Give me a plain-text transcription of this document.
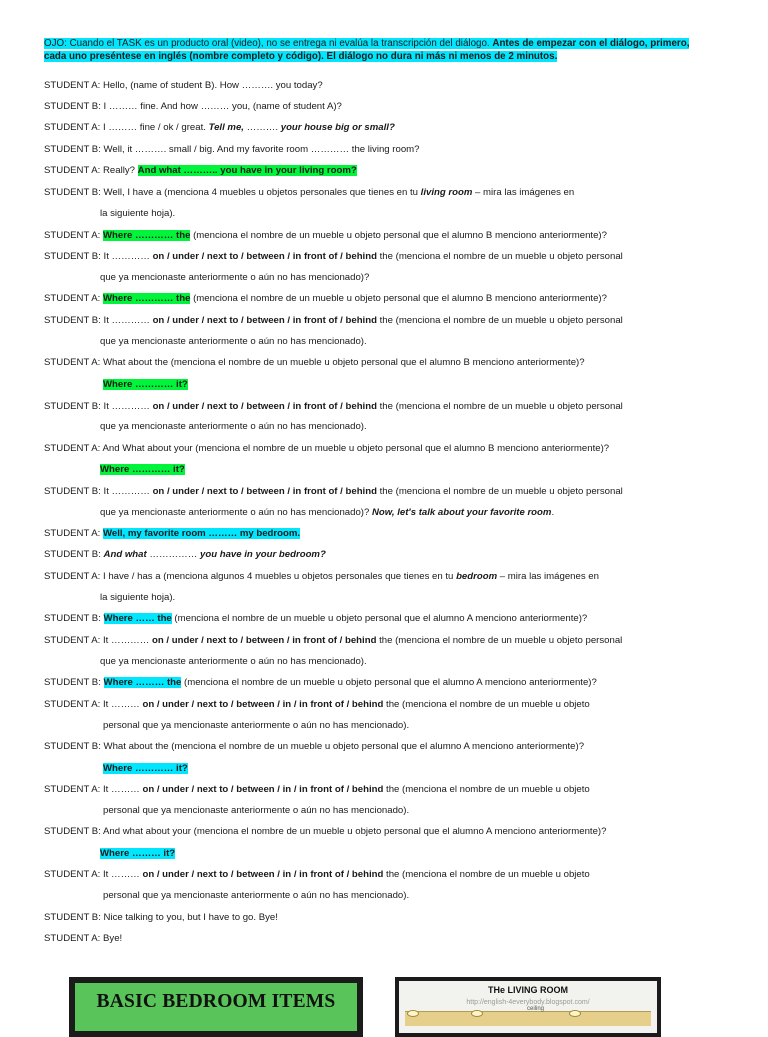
OJO: Cuando el TASK es un producto oral (video), no se entrega ni evalúa la transcripción del diálogo. Antes de empezar con el diálogo, primero, cada uno preséntese en inglés (nombre completo y código). El diálogo no dura ni más ni menos de 2 minutos.
STUDENT A: Hello, (name of student B). How ………. you today?
STUDENT B: I ……… fine. And how ……… you, (name of student A)?
STUDENT A: I ……… fine / ok / great. Tell me, ………. your house big or small?
STUDENT B: Well, it ………. small / big. And my favorite room ………… the living room?
STUDENT A: Really? And what ……….. you have in your living room?
STUDENT B: Well, I have a (menciona 4 muebles u objetos personales que tienes en tu living room – mira las imágenes en
la siguiente hoja).
STUDENT A: Where ………… the (menciona el nombre de un mueble u objeto personal que el alumno B menciono anteriormente)?
STUDENT B: It ………… on / under / next to / between / in front of / behind the (menciona el nombre de un mueble u objeto personal
que ya mencionaste anteriormente o aún no has mencionado)?
STUDENT A: Where ………… the (menciona el nombre de un mueble u objeto personal que el alumno B menciono anteriormente)?
STUDENT B: It ………… on / under / next to / between / in front of / behind the (menciona el nombre de un mueble u objeto personal
que ya mencionaste anteriormente o aún no has mencionado).
STUDENT A: What about the (menciona el nombre de un mueble u objeto personal que el alumno B menciono anteriormente)?
Where ………… it?
STUDENT B: It ………… on / under / next to / between / in front of / behind the (menciona el nombre de un mueble u objeto personal
que ya mencionaste anteriormente o aún no has mencionado).
STUDENT A: And What about your (menciona el nombre de un mueble u objeto personal que el alumno B menciono anteriormente)?
Where ………… it?
STUDENT B: It ………… on / under / next to / between / in front of / behind the (menciona el nombre de un mueble u objeto personal
que ya mencionaste anteriormente o aún no has mencionado)? Now, let's talk about your favorite room.
STUDENT A: Well, my favorite room ……… my bedroom.
STUDENT B: And what …………… you have in your bedroom?
STUDENT A: I have / has a (menciona algunos 4 muebles u objetos personales que tienes en tu bedroom – mira las imágenes en
la siguiente hoja).
STUDENT B: Where …… the (menciona el nombre de un mueble u objeto personal que el alumno A menciono anteriormente)?
STUDENT A: It ………… on / under / next to / between / in front of / behind the (menciona el nombre de un mueble u objeto personal
que ya mencionaste anteriormente o aún no has mencionado).
STUDENT B: Where ……… the (menciona el nombre de un mueble u objeto personal que el alumno A menciono anteriormente)?
STUDENT A: It ……… on / under / next to / between / in / in front of / behind the (menciona el nombre de un mueble u objeto
personal que ya mencionaste anteriormente o aún no has mencionado).
STUDENT B: What about the (menciona el nombre de un mueble u objeto personal que el alumno A menciono anteriormente)?
Where ………… it?
STUDENT A: It ……… on / under / next to / between / in / in front of / behind the (menciona el nombre de un mueble u objeto
personal que ya mencionaste anteriormente o aún no has mencionado).
STUDENT B: And what about your (menciona el nombre de un mueble u objeto personal que el alumno A menciono anteriormente)?
Where ……… it?
STUDENT A: It ……… on / under / next to / between / in / in front of / behind the (menciona el nombre de un mueble u objeto
personal que ya mencionaste anteriormente o aún no has mencionado).
STUDENT B: Nice talking to you, but I have to go. Bye!
STUDENT A: Bye!
BASIC BEDROOM ITEMS
THe LIVING ROOM
http://english-4everybody.blogspot.com/
ceiling
